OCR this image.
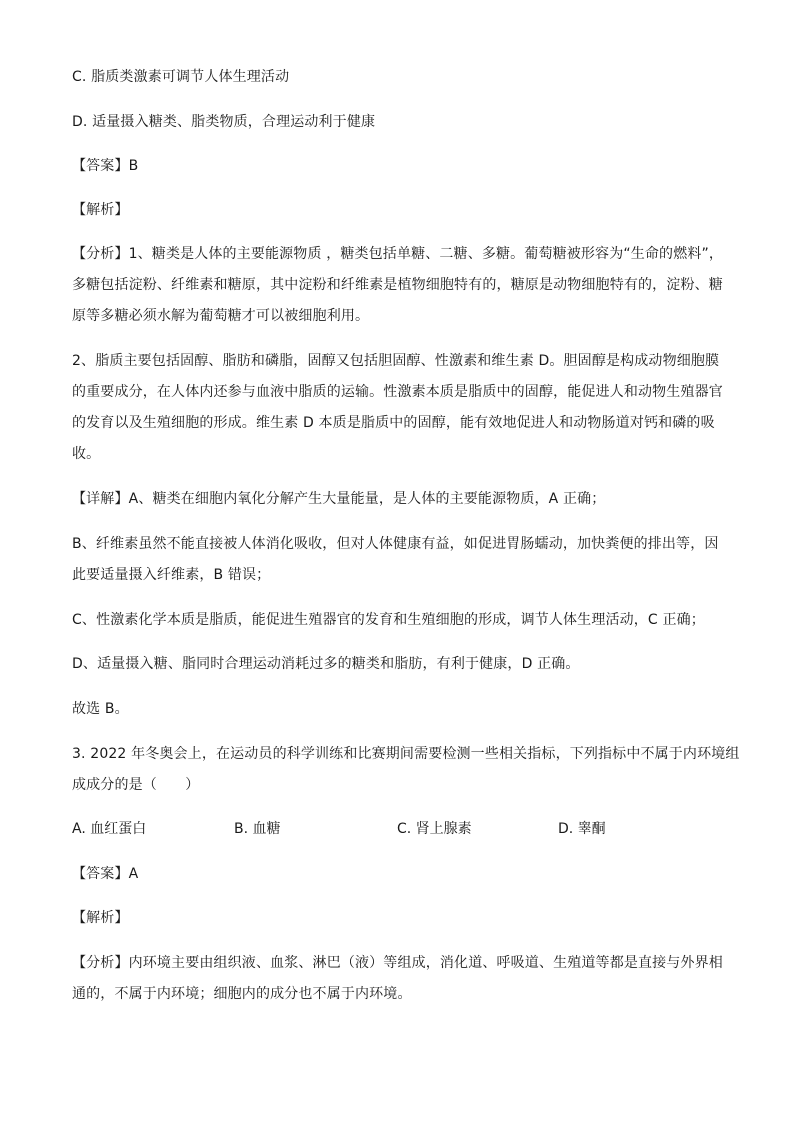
C. 脂质类激素可调节人体生理活动

D. 适量摄入糖类、脂类物质，合理运动利于健康

【答案】B

【解析】

【分析】1、糖类是人体的主要能源物质 ，糖类包括单糖、二糖、多糖。葡萄糖被形容为“生命的燃料”，
多糖包括淀粉、纤维素和糖原，其中淀粉和纤维素是植物细胞特有的，糖原是动物细胞特有的，淀粉、糖
原等多糖必须水解为葡萄糖才可以被细胞利用。

2、脂质主要包括固醇、脂肪和磷脂，固醇又包括胆固醇、性激素和维生素 D。胆固醇是构成动物细胞膜
的重要成分，在人体内还参与血液中脂质的运输。性激素本质是脂质中的固醇，能促进人和动物生殖器官
的发育以及生殖细胞的形成。维生素 D 本质是脂质中的固醇，能有效地促进人和动物肠道对钙和磷的吸
收。

【详解】A、糖类在细胞内氧化分解产生大量能量，是人体的主要能源物质，A 正确；

B、纤维素虽然不能直接被人体消化吸收，但对人体健康有益，如促进胃肠蠕动，加快粪便的排出等，因
此要适量摄入纤维素，B 错误；

C、性激素化学本质是脂质，能促进生殖器官的发育和生殖细胞的形成，调节人体生理活动，C 正确；

D、适量摄入糖、脂同时合理运动消耗过多的糖类和脂肪，有利于健康，D 正确。

故选 B。

3. 2022 年冬奥会上，在运动员的科学训练和比赛期间需要检测一些相关指标，下列指标中不属于内环境组
成成分的是（　　）

A. 血红蛋白	B. 血糖	C. 肾上腺素	D. 睾酮

【答案】A

【解析】

【分析】内环境主要由组织液、血浆、淋巴（液）等组成，消化道、呼吸道、生殖道等都是直接与外界相
通的，不属于内环境；细胞内的成分也不属于内环境。
